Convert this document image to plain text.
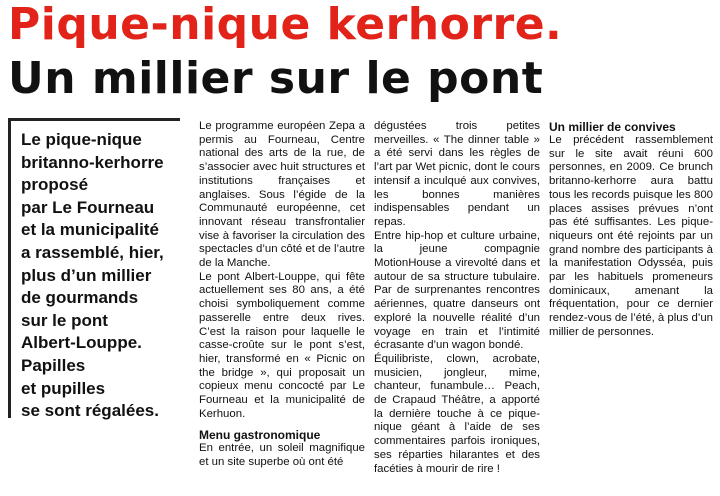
Pique-nique kerhorre.
Un millier sur le pont

Le pique-nique
britanno-kerhorre
proposé
par Le Fourneau
et la municipalité
a rassemblé, hier,
plus d’un millier
de gourmands
sur le pont
Albert-Louppe.
Papilles
et pupilles
se sont régalées.

Le programme européen Zepa a permis au Fourneau, Centre national des arts de la rue, de s’associer avec huit structures et institutions françaises et anglaises. Sous l’égide de la Communauté européenne, cet innovant réseau transfrontalier vise à favoriser la circulation des spectacles d’un côté et de l’autre de la Manche.

Le pont Albert-Louppe, qui fête actuellement ses 80 ans, a été choisi symboliquement comme passerelle entre deux rives. C’est la raison pour laquelle le casse-croûte sur le pont s’est, hier, transformé en « Picnic on the bridge », qui proposait un copieux menu concocté par Le Fourneau et la municipalité de Kerhuon.

Menu gastronomique

En entrée, un soleil magnifique et un site superbe où ont été

dégustées trois petites merveilles. « The dinner table » a été servi dans les règles de l’art par Wet picnic, dont le cours intensif a inculqué aux convives, les bonnes manières indispensables pendant un repas.

Entre hip-hop et culture urbaine, la jeune compagnie MotionHouse a virevolté dans et autour de sa structure tubulaire. Par de surprenantes rencontres aériennes, quatre danseurs ont exploré la nouvelle réalité d’un voyage en train et l’intimité écrasante d’un wagon bondé.

Équilibriste, clown, acrobate, musicien, jongleur, mime, chanteur, funambule… Peach, de Crapaud Théâtre, a apporté la dernière touche à ce pique-nique géant à l’aide de ses commentaires parfois ironiques, ses réparties hilarantes et des facéties à mourir de rire !

Un millier de convives

Le précédent rassemblement sur le site avait réuni 600 personnes, en 2009. Ce brunch britanno-kerhorre aura battu tous les records puisque les 800 places assises prévues n’ont pas été suffisantes. Les pique-niqueurs ont été rejoints par un grand nombre des participants à la manifestation Odysséa, puis par les habituels promeneurs dominicaux, amenant la fréquentation, pour ce dernier rendez-vous de l’été, à plus d’un millier de personnes.
